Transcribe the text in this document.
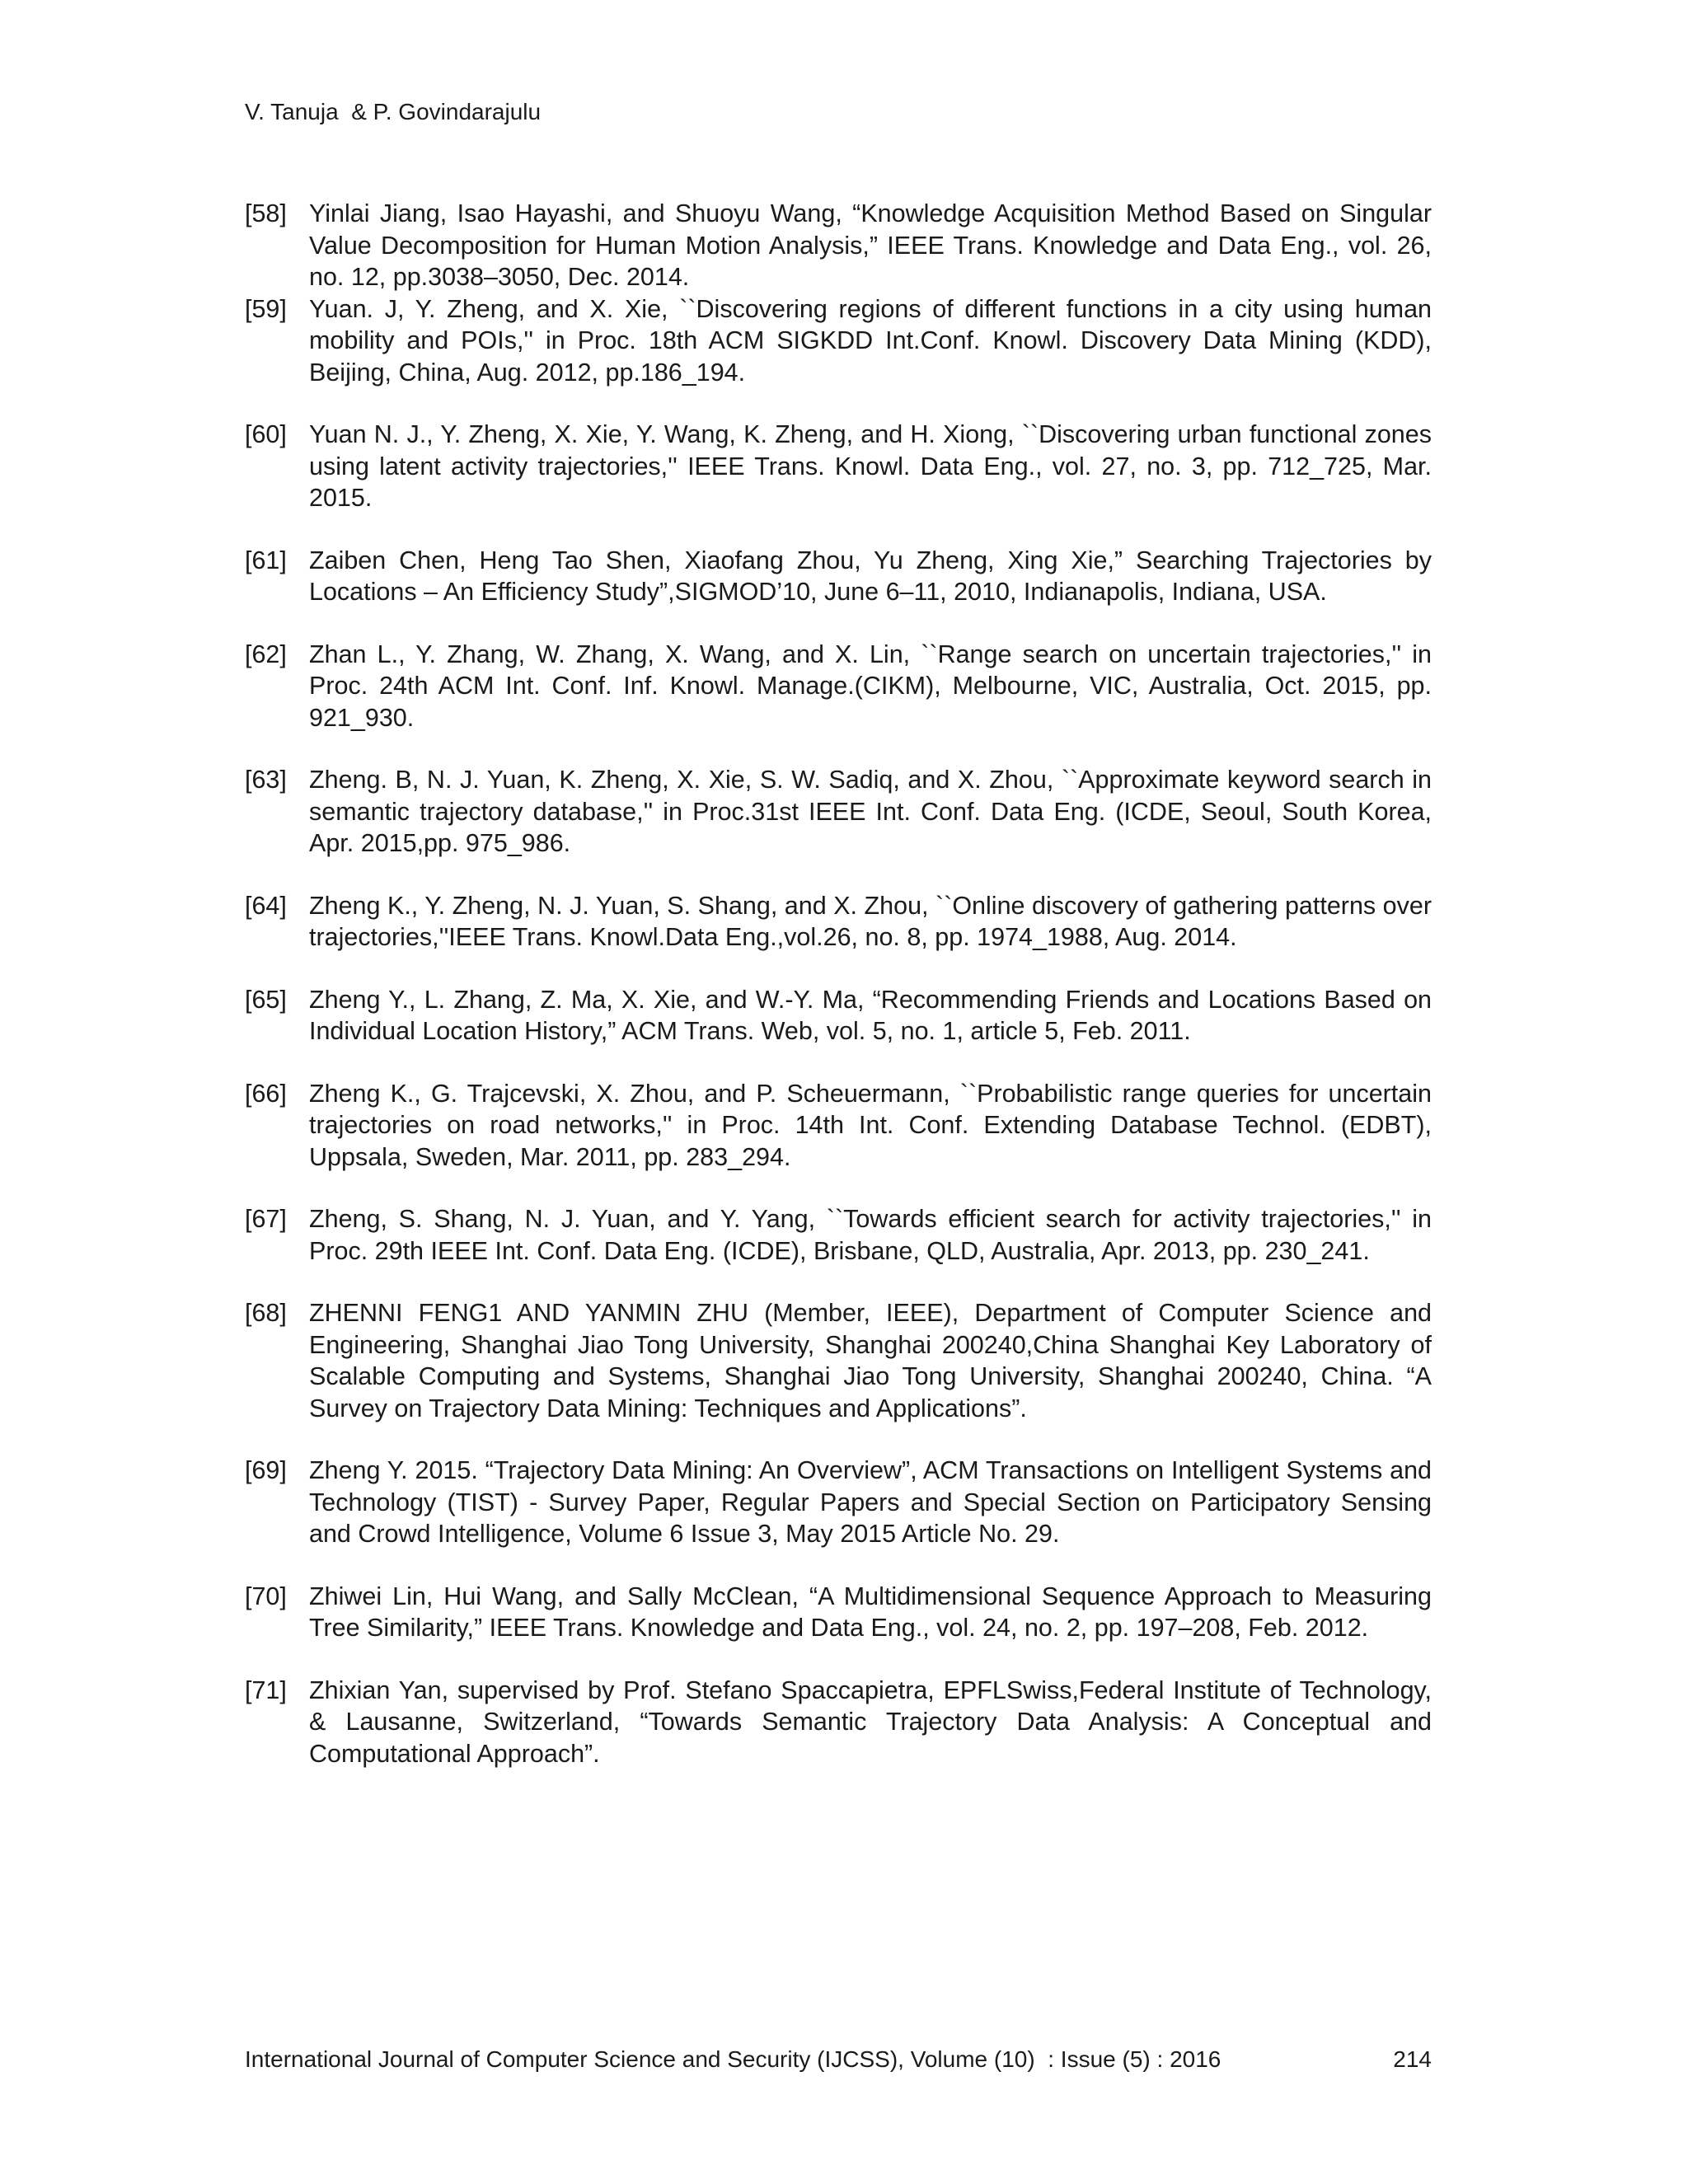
V. Tanuja  & P. Govindarajulu
[58] Yinlai Jiang, Isao Hayashi, and Shuoyu Wang, “Knowledge Acquisition Method Based on Singular Value Decomposition for Human Motion Analysis,” IEEE Trans. Knowledge and Data Eng., vol. 26, no. 12, pp.3038–3050, Dec. 2014.
[59] Yuan. J, Y. Zheng, and X. Xie, ``Discovering regions of different functions in a city using human mobility and POIs,'' in Proc. 18th ACM SIGKDD Int.Conf. Knowl. Discovery Data Mining (KDD), Beijing, China, Aug. 2012, pp.186_194.
[60] Yuan N. J., Y. Zheng, X. Xie, Y. Wang, K. Zheng, and H. Xiong, ``Discovering urban functional zones using latent activity trajectories,'' IEEE Trans. Knowl. Data Eng., vol. 27, no. 3, pp. 712_725, Mar. 2015.
[61] Zaiben Chen, Heng Tao Shen, Xiaofang Zhou, Yu Zheng, Xing Xie,” Searching Trajectories by Locations – An Efficiency Study”,SIGMOD’10, June 6–11, 2010, Indianapolis, Indiana, USA.
[62] Zhan L., Y. Zhang, W. Zhang, X. Wang, and X. Lin, ``Range search on uncertain trajectories,'' in Proc. 24th ACM Int. Conf. Inf. Knowl. Manage.(CIKM), Melbourne, VIC, Australia, Oct. 2015, pp. 921_930.
[63] Zheng. B, N. J. Yuan, K. Zheng, X. Xie, S. W. Sadiq, and X. Zhou, ``Approximate keyword search in semantic trajectory database,'' in Proc.31st IEEE Int. Conf. Data Eng. (ICDE, Seoul, South Korea, Apr. 2015,pp. 975_986.
[64] Zheng K., Y. Zheng, N. J. Yuan, S. Shang, and X. Zhou, ``Online discovery of gathering patterns over trajectories,''IEEE Trans. Knowl.Data Eng.,vol.26, no. 8, pp. 1974_1988, Aug. 2014.
[65] Zheng Y., L. Zhang, Z. Ma, X. Xie, and W.-Y. Ma, “Recommending Friends and Locations Based on Individual Location History,” ACM Trans. Web, vol. 5, no. 1, article 5, Feb. 2011.
[66] Zheng K., G. Trajcevski, X. Zhou, and P. Scheuermann, ``Probabilistic range queries for uncertain trajectories on road networks,'' in Proc. 14th Int. Conf. Extending Database Technol. (EDBT), Uppsala, Sweden, Mar. 2011, pp. 283_294.
[67] Zheng, S. Shang, N. J. Yuan, and Y. Yang, ``Towards efficient search for activity trajectories,'' in Proc. 29th IEEE Int. Conf. Data Eng. (ICDE), Brisbane, QLD, Australia, Apr. 2013, pp. 230_241.
[68] ZHENNI FENG1 AND YANMIN ZHU (Member, IEEE), Department of Computer Science and Engineering, Shanghai Jiao Tong University, Shanghai 200240,China Shanghai Key Laboratory of Scalable Computing and Systems, Shanghai Jiao Tong University, Shanghai 200240, China. “A Survey on Trajectory Data Mining: Techniques and Applications”.
[69] Zheng Y. 2015. “Trajectory Data Mining: An Overview”, ACM Transactions on Intelligent Systems and Technology (TIST) - Survey Paper, Regular Papers and Special Section on Participatory Sensing and Crowd Intelligence, Volume 6 Issue 3, May 2015 Article No. 29.
[70] Zhiwei Lin, Hui Wang, and Sally McClean, “A Multidimensional Sequence Approach to Measuring Tree Similarity,” IEEE Trans. Knowledge and Data Eng., vol. 24, no. 2, pp. 197–208, Feb. 2012.
[71] Zhixian Yan, supervised by Prof. Stefano Spaccapietra, EPFLSwiss,Federal Institute of Technology, & Lausanne, Switzerland, “Towards Semantic Trajectory Data Analysis: A Conceptual and Computational Approach”.
International Journal of Computer Science and Security (IJCSS), Volume (10)  : Issue (5) : 2016	214
